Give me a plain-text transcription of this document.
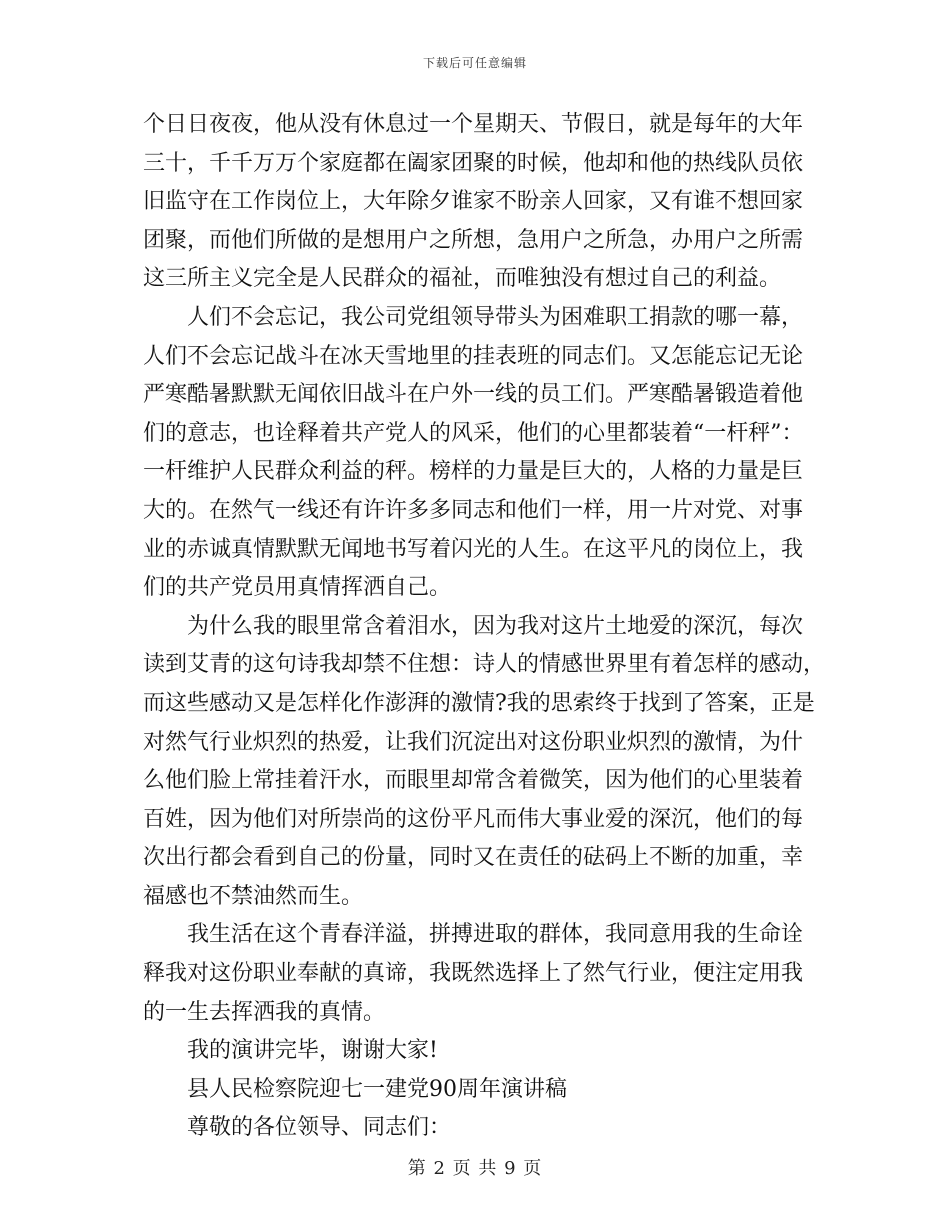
下载后可任意编辑
个日日夜夜，他从没有休息过一个星期天、节假日，就是每年的大年
三十，千千万万个家庭都在阖家团聚的时候，他却和他的热线队员依
旧监守在工作岗位上，大年除夕谁家不盼亲人回家，又有谁不想回家
团聚，而他们所做的是想用户之所想，急用户之所急，办用户之所需
这三所主义完全是人民群众的福祉，而唯独没有想过自己的利益。
人们不会忘记，我公司党组领导带头为困难职工捐款的哪一幕，
人们不会忘记战斗在冰天雪地里的挂表班的同志们。又怎能忘记无论
严寒酷暑默默无闻依旧战斗在户外一线的员工们。严寒酷暑锻造着他
们的意志，也诠释着共产党人的风采，他们的心里都装着“一杆秤”：
一杆维护人民群众利益的秤。榜样的力量是巨大的，人格的力量是巨
大的。在然气一线还有许许多多同志和他们一样，用一片对党、对事
业的赤诚真情默默无闻地书写着闪光的人生。在这平凡的岗位上，我
们的共产党员用真情挥洒自己。
为什么我的眼里常含着泪水，因为我对这片土地爱的深沉，每次
读到艾青的这句诗我却禁不住想：诗人的情感世界里有着怎样的感动，
而这些感动又是怎样化作澎湃的激情?我的思索终于找到了答案，正是
对然气行业炽烈的热爱，让我们沉淀出对这份职业炽烈的激情，为什
么他们脸上常挂着汗水，而眼里却常含着微笑，因为他们的心里装着
百姓，因为他们对所崇尚的这份平凡而伟大事业爱的深沉，他们的每
次出行都会看到自己的份量，同时又在责任的砝码上不断的加重，幸
福感也不禁油然而生。
我生活在这个青春洋溢，拼搏进取的群体，我同意用我的生命诠
释我对这份职业奉献的真谛，我既然选择上了然气行业，便注定用我
的一生去挥洒我的真情。
我的演讲完毕，谢谢大家!
县人民检察院迎七一建党90周年演讲稿
尊敬的各位领导、同志们：
第 2 页 共 9 页
